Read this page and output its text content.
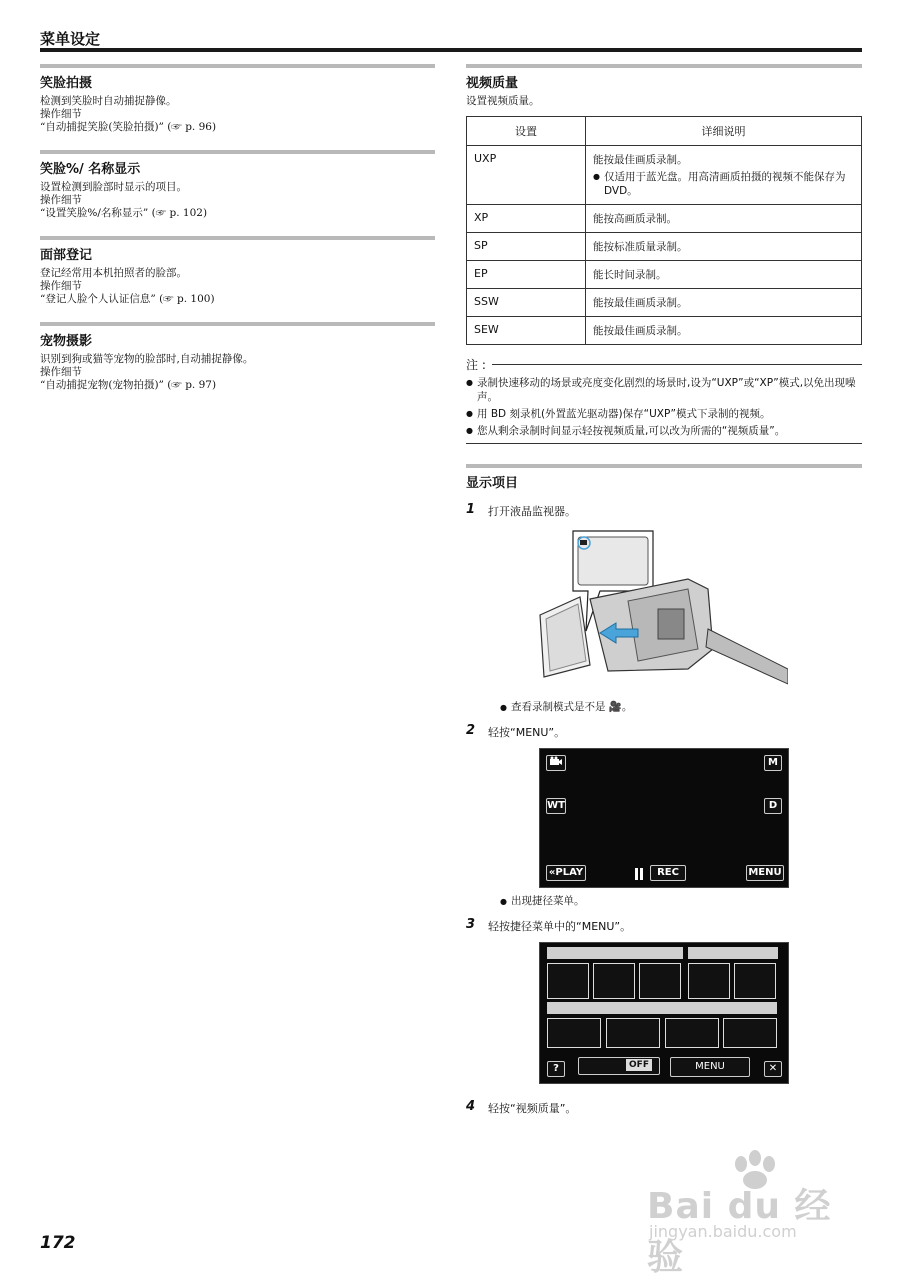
菜单设定
笑脸拍摄
检测到笑脸时自动捕捉静像。
操作细节
“自动捕捉笑脸(笑脸拍摄)” (☞ p. 96)
笑脸%/ 名称显示
设置检测到脸部时显示的项目。
操作细节
“设置笑脸%/名称显示” (☞ p. 102)
面部登记
登记经常用本机拍照者的脸部。
操作细节
“登记人脸个人认证信息” (☞ p. 100)
宠物摄影
识别到狗或猫等宠物的脸部时,自动捕捉静像。
操作细节
“自动捕捉宠物(宠物拍摄)” (☞ p. 97)
视频质量
设置视频质量。
设置	详细说明
UXP	能按最佳画质录制。
● 仅适用于蓝光盘。用高清画质拍摄的视频不能保存为 DVD。

XP	能按高画质录制。
SP	能按标准质量录制。
EP	能长时间录制。
SSW	能按最佳画质录制。
SEW	能按最佳画质录制。
注 :
● 录制快速移动的场景或亮度变化剧烈的场景时,设为“UXP”或“XP”模式,以免出现噪声。
● 用 BD 刻录机(外置蓝光驱动器)保存“UXP”模式下录制的视频。
● 您从剩余录制时间显示轻按视频质量,可以改为所需的“视频质量”。
显示项目
1 打开液晶监视器。
● 查看录制模式是不是 🎥。
2 轻按“MENU”。
M
WT	D
«PLAY	REC	MENU
● 出现捷径菜单。
3 轻按捷径菜单中的“MENU”。
?	OFF	MENU	✕
4 轻按“视频质量”。
172
Bai du 经验
jingyan.baidu.com
